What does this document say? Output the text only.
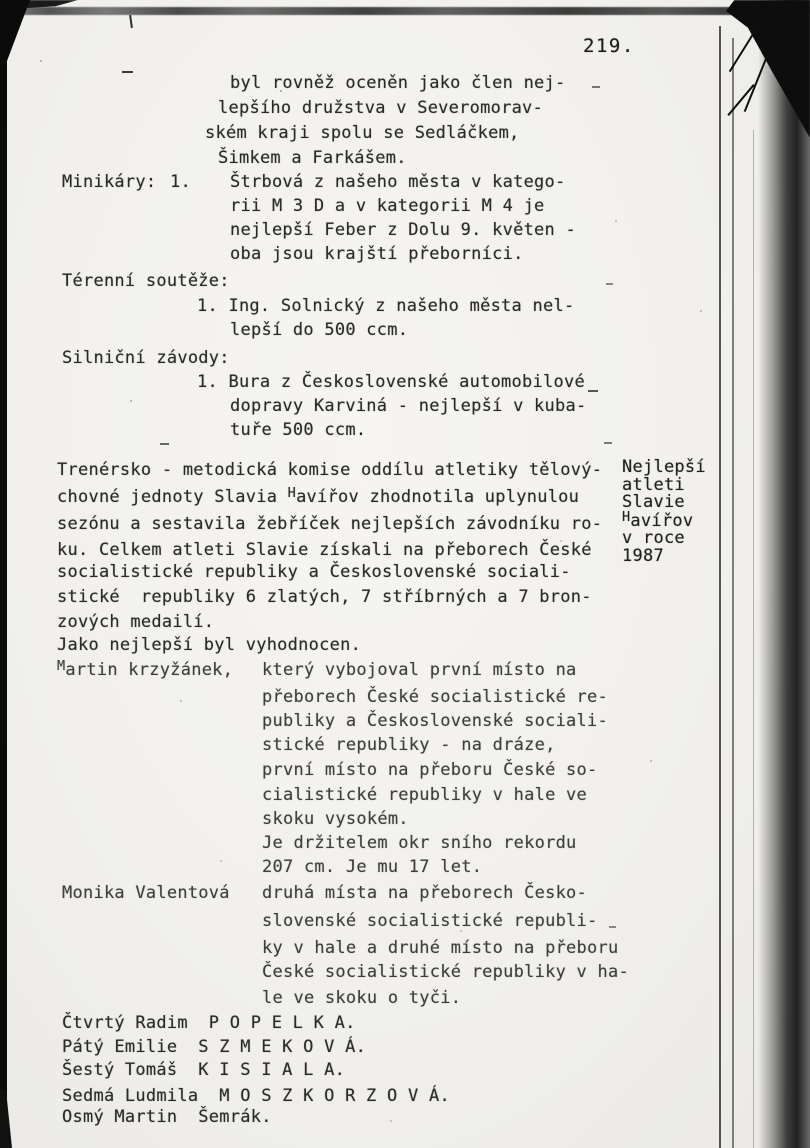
219.
byl rovněž oceněn jako člen nej-
lepšího družstva v Severomorav-
ském kraji spolu se Sedláčkem,
Šimkem a Farkášem.
Minikáry: 1. Štrbová z našeho města v katego-
rii M 3 D a v kategorii M 4 je
nejlepší Feber z Dolu 9. květen -
oba jsou krajští přeborníci.
Térenní soutěže:
1. Ing. Solnický z našeho města nel-
lepší do 500 ccm.
Silniční závody:
1. Bura z Československé automobilové
dopravy Karviná - nejlepší v kuba-
tuře 500 ccm.
Trenérsko - metodická komise oddílu atletiky tělový-
chovné jednoty Slavia $^H$avířov zhodnotila uplynulou
sezónu a sestavila žebříček nejlepších závodníku ro-
ku. Celkem atleti Slavie získali na přeborech České
socialistické republiky a Československé sociali-
stické  republiky 6 zlatých, 7 stříbrných a 7 bron-
zových medailí.
Jako nejlepší byl vyhodnocen.
Nejlepší
atleti
Slavie
$^H$avířov
v roce
1987
$^M$artin krzyžánek, který vybojoval první místo na
přeborech České socialistické re-
publiky a Československé sociali-
stické republiky - na dráze,
první místo na přeboru České so-
cialistické republiky v hale ve
skoku vysokém.
Je držitelem okr sního rekordu
207 cm. Je mu 17 let.
Monika Valentová druhá místa na přeborech Česko-
slovenské socialistické republi-
ky v hale a druhé místo na přeboru
České socialistické republiky v ha-
le ve skoku o tyči.
Čtvrtý Radim  P O P E L K A.
Pátý Emilie  S Z M E K O V Á.
Šestý Tomáš  K I S I A L A.
Sedmá Ludmila  M O S Z K O R Z O V Á.
Osmý Martin  Šemrák.
